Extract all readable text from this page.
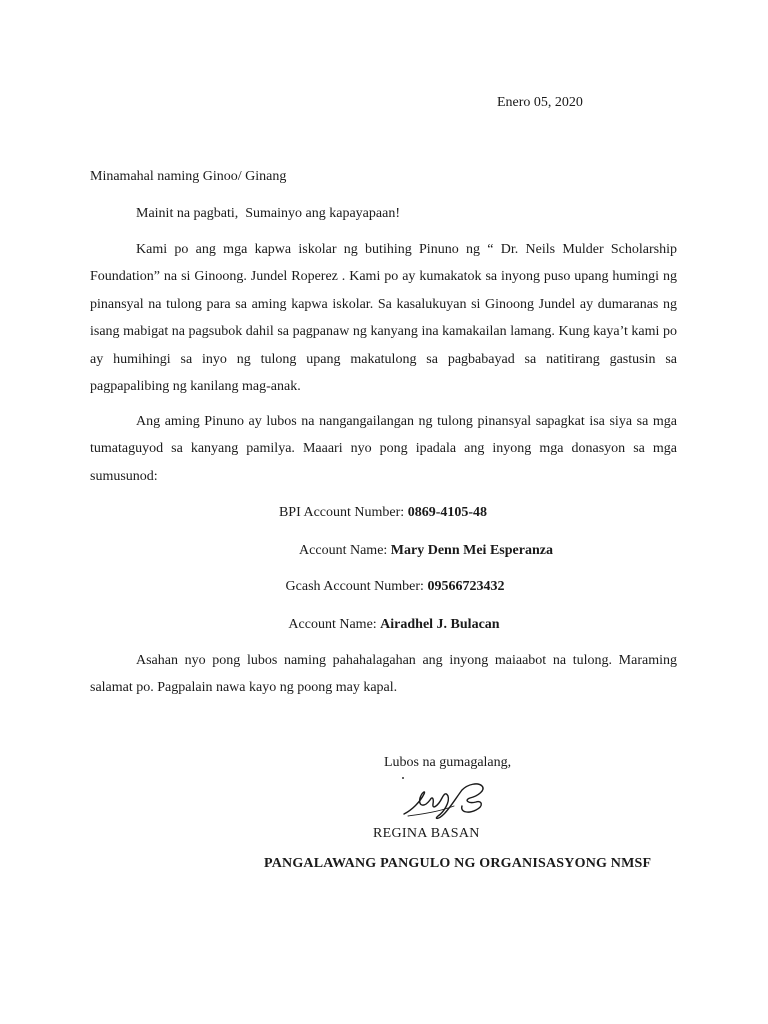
Enero 05, 2020
Minamahal naming Ginoo/ Ginang
Mainit na pagbati,  Sumainyo ang kapayapaan!

Kami po ang mga kapwa iskolar ng butihing Pinuno ng “ Dr. Neils Mulder Scholarship Foundation” na si Ginoong. Jundel Roperez . Kami po ay kumakatok sa inyong puso upang humingi ng pinansyal na tulong para sa aming kapwa iskolar. Sa kasalukuyan si Ginoong Jundel ay dumaranas ng isang mabigat na pagsubok dahil sa pagpanaw ng kanyang ina kamakailan lamang. Kung kaya’t kami po ay humihingi sa inyo ng tulong upang makatulong sa pagbabayad sa natitirang gastusin sa pagpapalibing ng kanilang mag-anak.

Ang aming Pinuno ay lubos na nangangailangan ng tulong pinansyal sapagkat isa siya sa mga tumataguyod sa kanyang pamilya. Maaari nyo pong ipadala ang inyong mga donasyon sa mga sumusunod:

BPI Account Number: 0869-4105-48
Account Name: Mary Denn Mei Esperanza
Gcash Account Number: 09566723432
Account Name: Airadhel J. Bulacan

Asahan nyo pong lubos naming pahahalagahan ang inyong maiaabot na tulong. Maraming salamat po. Pagpalain nawa kayo ng poong may kapal.

Lubos na gumagalang,
REGINA BASAN
PANGALAWANG PANGULO NG ORGANISASYONG NMSF
